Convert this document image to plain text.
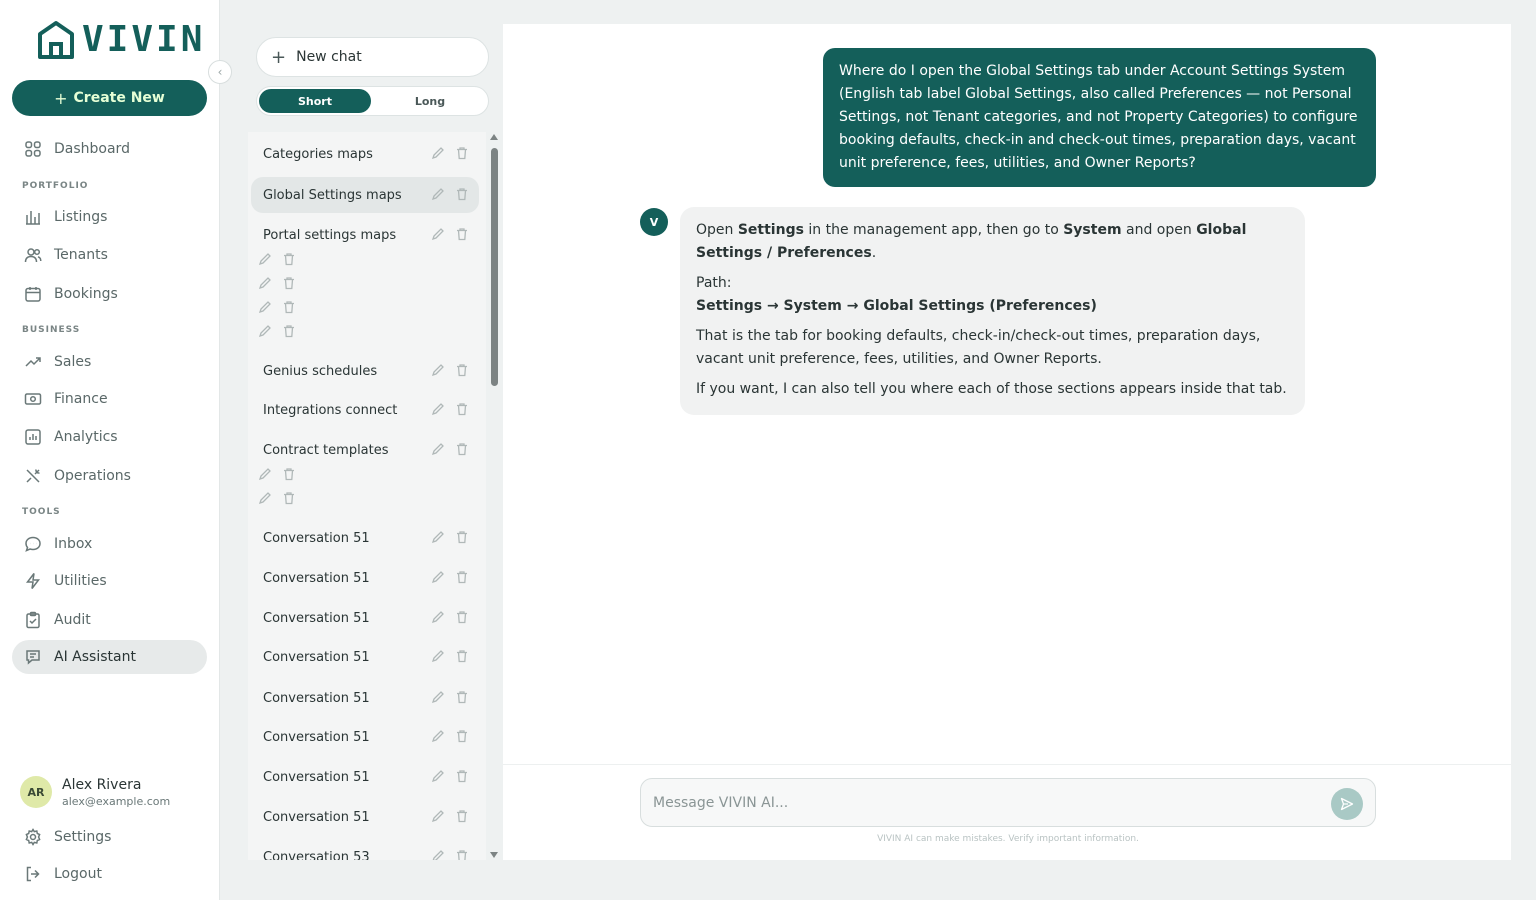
VIVIN
+ Create New
Dashboard
PORTFOLIO
Listings
Tenants
Bookings
BUSINESS
Sales
Finance
Analytics
Operations
TOOLS
Inbox
Utilities
Audit
AI Assistant
AR	Alex Rivera
alex@example.com
Settings
Logout
‹
+ New chat
Short	Long
Categories maps
Global Settings maps
Portal settings maps
Genius schedules
Integrations connect
Contract templates
Conversation 51
Conversation 51
Conversation 51
Conversation 51
Conversation 51
Conversation 51
Conversation 51
Conversation 51
Conversation 53
Where do I open the Global Settings tab under Account Settings System (English tab label Global Settings, also called Preferences — not Personal Settings, not Tenant categories, and not Property Categories) to configure booking defaults, check-in and check-out times, preparation days, vacant unit preference, fees, utilities, and Owner Reports?
V	Open Settings in the management app, then go to System and open Global Settings / Preferences.

Path:
Settings → System → Global Settings (Preferences)

That is the tab for booking defaults, check-in/check-out times, preparation days, vacant unit preference, fees, utilities, and Owner Reports.

If you want, I can also tell you where each of those sections appears inside that tab.

Message VIVIN AI...
VIVIN AI can make mistakes. Verify important information.
